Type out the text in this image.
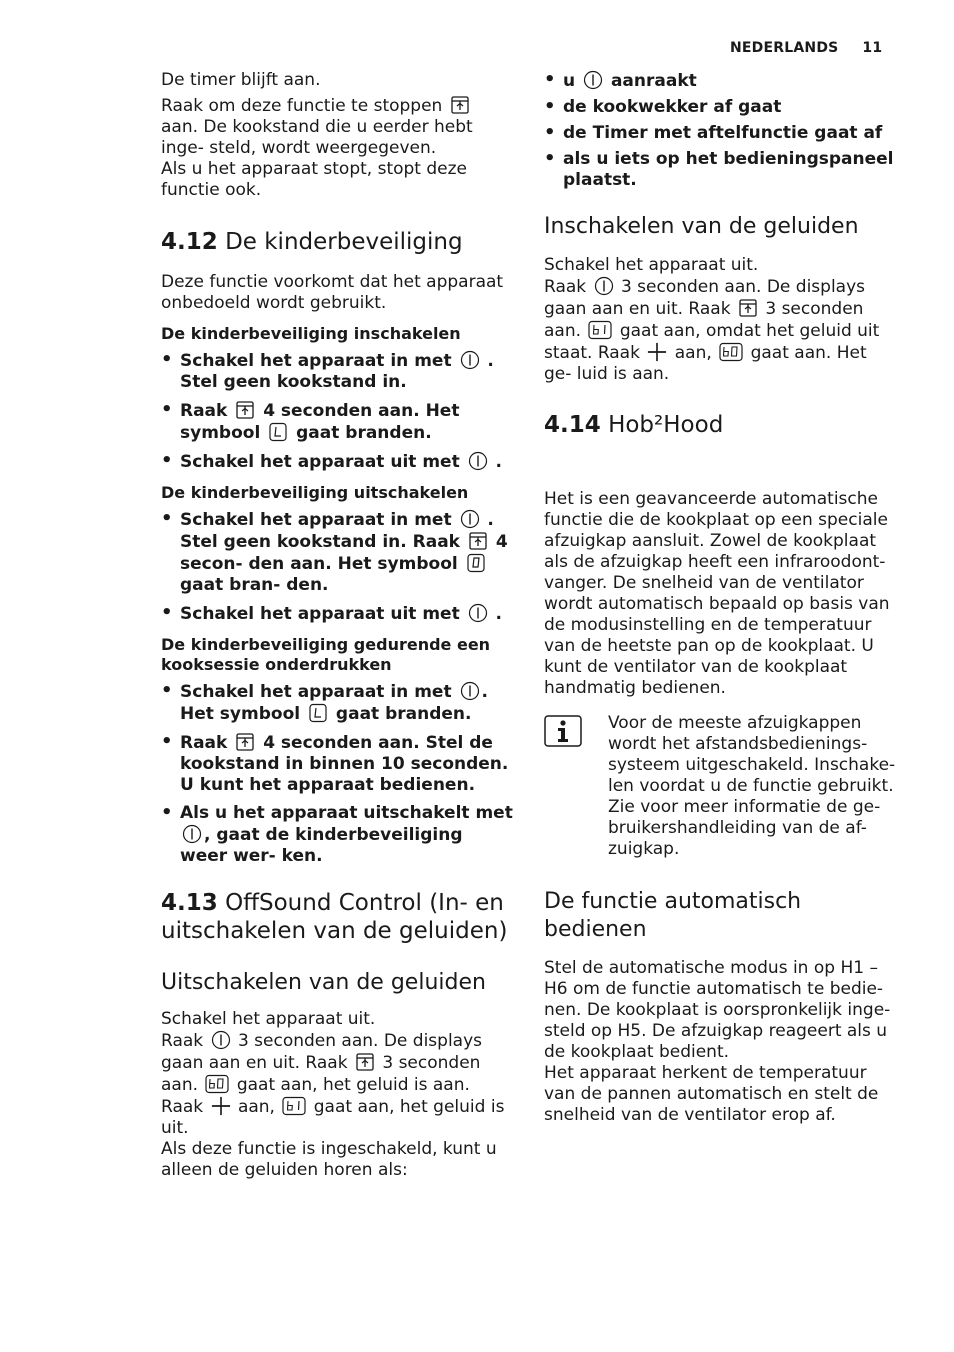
NEDERLANDS 11

De timer blijft aan.

Raak om deze functie te stoppen
aan. De kookstand die u eerder hebt inge- steld, wordt weergegeven.

Als u het apparaat stopt, stopt deze functie ook.

4.12 De kinderbeveiliging

Deze functie voorkomt dat het apparaat onbedoeld wordt gebruikt.

De kinderbeveiliging inschakelen
• Schakel het apparaat in met . Stel geen kookstand in.
• Raak 4 seconden aan. Het symbool gaat branden.
• Schakel het apparaat uit met .
De kinderbeveiliging uitschakelen
• Schakel het apparaat in met . Stel geen kookstand in. Raak 4 secon- den aan. Het symbool
gaat bran- den.
• Schakel het apparaat uit met .
De kinderbeveiliging gedurende een kooksessie onderdrukken
• Schakel het apparaat in met . Het symbool gaat branden.
• Raak 4 seconden aan. Stel de kookstand in binnen 10 seconden. U kunt het apparaat bedienen.
• Als u het apparaat uitschakelt met
, gaat de kinderbeveiliging weer wer- ken.
4.13 OffSound Control (In- en uitschakelen van de geluiden)
Uitschakelen van de geluiden

Schakel het apparaat uit.

Raak 3 seconden aan. De displays gaan aan en uit. Raak 3 seconden aan. gaat aan, het geluid is aan. Raak aan, gaat aan, het geluid is uit.

Als deze functie is ingeschakeld, kunt u alleen de geluiden horen als:

• u aanraakt
• de kookwekker af gaat
• de Timer met aftelfunctie gaat af
• als u iets op het bedieningspaneel plaatst.
Inschakelen van de geluiden

Schakel het apparaat uit.

Raak 3 seconden aan. De displays gaan aan en uit. Raak 3 seconden aan. gaat aan, omdat het geluid uit staat. Raak aan, gaat aan. Het ge- luid is aan.

4.14 Hob²Hood

Het is een geavanceerde automatische functie die de kookplaat op een speciale afzuigkap aansluit. Zowel de kookplaat als de afzuigkap heeft een infraroodont- vanger. De snelheid van de ventilator wordt automatisch bepaald op basis van de modusinstelling en de temperatuur van de heetste pan op de kookplaat. U kunt de ventilator van de kookplaat handmatig bedienen.

Voor de meeste afzuigkappen wordt het afstandsbedienings- systeem uitgeschakeld. Inschake- len voordat u de functie gebruikt. Zie voor meer informatie de ge- bruikershandleiding van de af- zuigkap.

De functie automatisch bedienen

Stel de automatische modus in op H1 – H6 om de functie automatisch te bedie- nen. De kookplaat is oorspronkelijk inge- steld op H5. De afzuigkap reageert als u de kookplaat bedient.

Het apparaat herkent de temperatuur van de pannen automatisch en stelt de snelheid van de ventilator erop af.
